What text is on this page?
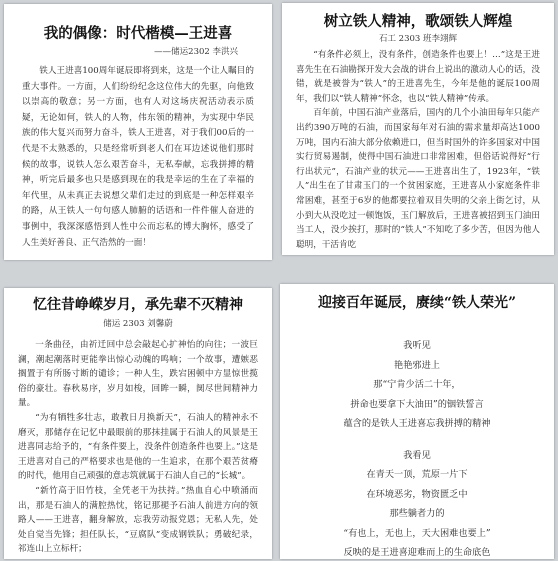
我的偶像：时代楷模—王进喜
——储运2302 李洪兴

铁人王进喜100周年诞辰即将到来，这是一个让人瞩目的重大事件。一方面，人们纷纷纪念这位伟大的先驱，向他致以崇高的敬意；另一方面，也有人对这场庆祝活动表示质疑，无论如何，铁人的人物，伟东领的精神，为实现中华民族的伟大复兴而努力奋斗，铁人王进喜，对于我们00后的一代是不太熟悉的，只是经常听到老人们在耳边述说他们那时候的故事，说铁人怎么艰苦奋斗，无私奉献，忘我拼搏的精神，听完后最多也只是感到现在的我是幸运的生在了幸福的年代里，从未真正去说想父辈们走过的到底是一种怎样艰辛的路，从王铁人一句句感人肺腑的话语和一件件催人奋进的事例中，我深深感悟到人性中公而忘私的博大胸怀，感受了人生美好善良、正气浩然的一面！

树立铁人精神，歌颂铁人辉煌
石工 2303 班李翊辉

“有条件必须上，没有条件，创造条件也要上！…”这是王进喜先生在石油勘探开发大会战的讲台上说出的激动人心的话，没错，就是被誉为“铁人”的王进喜先生，今年是他的诞辰100周年，我们以“铁人精神”怀念，也以“铁人精神”传承。

百年前，中国石油产业落后，国内的几个小油田每年只能产出约390万吨的石油，而国家每年对石油的需求量却高达1000万吨，国内石油大部分依赖进口，但当时国外的许多国家对中国实行贸易遏制，使得中国石油进口非常困难，但俗话说得好“行行出状元”，石油产业的状元——王进喜出生了，1923年，“铁人”出生在了甘肃玉门的一个贫困家庭，王进喜从小家庭条件非常困难，甚至于6岁的他都要拉着双目失明的父亲上街乞讨，从小到大从没吃过一顿饱饭，玉门解放后，王进喜被招到玉门油田当工人，没少挨打，那时的“铁人”不知吃了多少苦，但因为他人聪明，干活肯吃

忆往昔峥嵘岁月，承先辈不灭精神
储运 2303 刘馨蔚

一条曲径，由祈迁回中总会敲起心扩神怡的向往；一波巨澜，潮起潮落时更能拳出惊心动魄的鸣响；一个故事，遭嫉恶搁置于有所肠寸断的谴诊；一种人生，跌宕困顿中方显惊世揽俗的豪壮。春秋易序，岁月如梭，回眸一瞬，阒尽世间精神力量。

“为有牺牲多壮志，敢教日月换新天”，石油人的精神永不磨灭，那储存在记忆中最眼前的那抹挂属于石油人的风景是王进喜同志给予的，“有条件要上，没条件创造条件也要上。”这是王进喜对自己的严格要求也是他的一生追求，在那个艰苦贫瘠的时代，他用自己顽强的意志筑就属于石油人自己的“长城”。

“新竹高于旧竹枝，全凭老干为扶持。”热血自心中喷涌而出，那是石油人的满腔热忱，铭记那褪予石油人前进方向的领路人——王进喜，翻身解放，忘我劳动报党恩；无私人先，处处自觉当先锋；担任队长，“豆腐队”变成钢铁队；勇破纪录，祁连山上立标杆；

迎接百年诞辰，赓续“铁人荣光”

我听见

艳艳邪进上

那“宁肯少活二十年，

拼命也要拿下大油田”的铟铁誓言

蕴含的是铁人王进喜忘我拼搏的精神

我看见

在青天一顶，荒原一片下

在环境恶劣，物资匮乏中

那些躺者力的

“有也上，无也上，天大困难也要上”

反映的是王进喜迎难而上的生命底色
